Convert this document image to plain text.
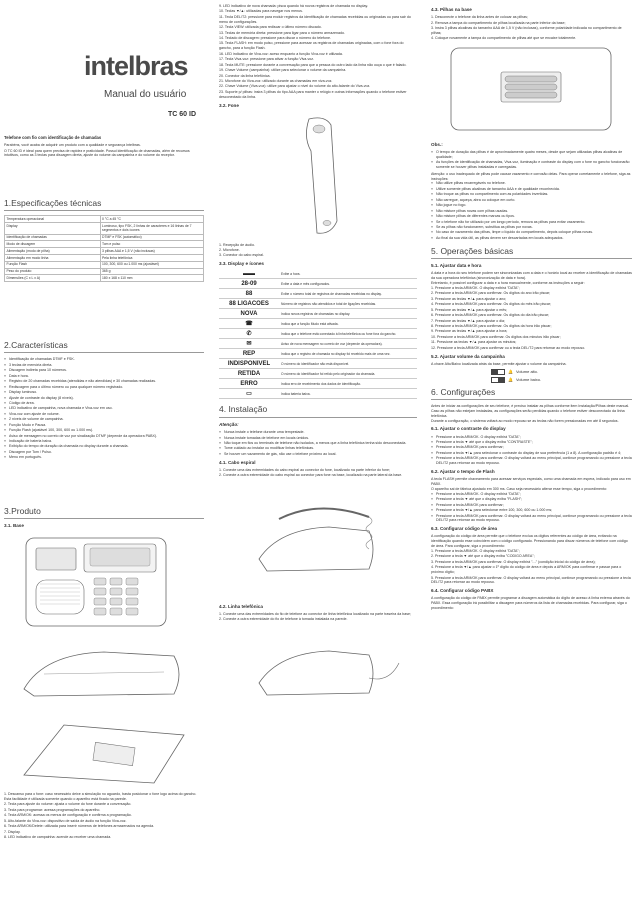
intelbras
Manual do usuário
TC 60 ID
Telefone com fio com identificação de chamadas

Parabéns, você acaba de adquirir um produto com a qualidade e segurança Intelbras.

O TC 60 ID é ideal para quem precisa de rapidez e praticidade. Possui identificação de chamadas, além de recursos intuitivos, como as 3 teclas para discagem direta, ajuste do volume da campainha e do volume do receptor.

1.Especificações técnicas
Temperatura operacional	0 °C a 45 °C
Display	Luminoso, tipo FSK, 2 linhas de caracteres e 16 linhas de 7 segmentos e dois ícones
Identificação de chamadas	DTMF e FSK (automático)
Modo de discagem	Tom e pulso
Alimentação (modo de pilha)	3 pilhas AAA e 1,5 V (não inclusas)
Alimentação em modo linha	Pela linha telefônica
Função Flash	100, 300, 600 ou 1.000 ms (ajustável)
Peso do produto	365 g
Dimensões (C x L x A)	180 x 168 x 110 mm
2.Características
» Identificação de chamadas DTMF e FSK.
» 3 teclas de memória direta.
» Discagem indireta para 10 números.
» Data e hora.
» Registro de 20 chamadas recebidas (atendidas e não atendidas) e 30 chamadas realizadas.
» Rediscagem para o último número ou para qualquer número registrado.
» Display luminoso.
» Ajuste de contraste do display (8 níveis).
» Código de área.
» LED indicativo de campainha, nova chamada e Viva-voz em uso.
» Viva-voz com ajuste de volume.
» 2 níveis de volume de campainha.
» Função Mudo e Pausa.
» Função Flash (ajustável 100, 300, 600 ou 1.000 ms).
» Aviso de mensagem no correio de voz por sinalização DTMF (depende da operadora PABX).
» Indicação de bateria baixa.
» Exibição do tempo de duração da chamada no display durante a chamada.
» Discagem por Tom / Pulso.
» Menu em português.
3.Produto
3.1. Base

1. Descanso para o fone: caso necessário deixe a simulação no aguardo, basta posicionar o fone logo acima do gancho. Esta facilidade é utilizada somente quando o aparelho está fixado na parede.
2. Tecla para ajuste do volume: ajusta o volume do fone durante a conversação.
3. Tecla para programar: acessa programações do aparelho.
4. Tecla ARM/OK: acessa os menus de configuração e confirma a programação.
5. Alto-falante do Viva-voz: dispositivo de saída de áudio na função Viva-voz.
6. Tecla ARM/OK/Delete: utilizada para inserir números de telefones armazenados na agenda.
7. Display.
8. LED indicativo de campainha: acende ao receber uma chamada.
9. LED indicativo de nova chamada: pisca quando há novos registros de chamada no display.
10. Teclas ▼/▲: utilizadas para navegar nos menus.
11. Tecla DEL/T2: pressione para excluir registros da identificação de chamadas recebidas ou originadas ou para sair do menu de configurações.
12. Tecla VIEW: utilizada para rediscar o último número discado.
13. Teclas de memória direta: pressione para ligar para o número armazenado.
14. Teclado de discagem: pressione para discar o número do telefone.
15. Tecla FLASH: em modo pulso, pressione para acessar os registros de chamadas originadas, com o fone fora do gancho, para a função Flash.
16. LED indicativo de Viva-voz: aceso enquanto a função Viva-voz é utilizada.
17. Tecla Viva-voz: pressione para ativar a função Viva-voz.
18. Tecla MUTE: pressione durante a conversação para que a pessoa do outro lado da linha não ouça o que é falado.
19. Chave Volume (campainha): utilize para selecionar o volume da campainha.
20. Conector da linha telefônica.
21. Microfone do Viva-voz: utilizado durante as chamadas em viva-voz.
22. Chave Volume (Viva-voz): utilize para ajustar o nível do volume do alto-falante do Viva-voz.
23. Suporte p/ pilhas: insira 3 pilhas do tipo AAA para manter o relógio e outras informações quando o telefone estiver desconectado da linha.
3.2. Fone
1. Recepção de áudio.
2. Microfone.
3. Conector do cabo espiral.
3.3. Display e ícones
▬▬	Exibe a hora.
28-09	Exibe a data e mês configurados.
88	Exibe o número total de registros de chamadas recebidas no display.
88 LIGACOES	Número de registros não atendidos e total de ligações recebidas.
NOVA	Indica novos registros de chamadas no display.
☎	Indica que a função Mudo está ativada.
✆	Indica que o telefone está conectado à linha telefônica ou fone fora do gancho.
✉	Aviso de nova mensagem no correio de voz (depende da operadora).
REP	Indica que o registro de chamada no display foi recebido mais de uma vez.
INDISPONIVEL	O número do identificador não está disponível.
RETIDA	O número do identificador foi retido pelo originador da chamada.
ERRO	Indica erro de recebimento dos dados de identificação.
▭	Indica bateria baixa.
4. Instalação
Atenção:
» Nunca instale o telefone durante uma tempestade.
» Nunca instale tomadas de telefone em locais úmidos.
» Não toque em fios ou terminais de telefone não isolados, a menos que a linha telefônica tenha sido desconectada.
» Tome cuidado ao instalar ou modificar linhas telefônicas.
» Se houver um vazamento de gás, não use o telefone próximo ao local.
4.1. Cabo espiral
1. Conecte uma das extremidades do cabo espiral ao conector do fone, localizado na parte inferior do fone;
2. Conecte a outra extremidade do cabo espiral ao conector para fone na base, localizado na parte lateral da base.
4.2. Linha telefônica
1. Conecte uma das extremidades do fio de telefone ao conector de linha telefônica localizado na parte traseira da base;
2. Conecte a outra extremidade do fio de telefone à tomada instalada na parede.
4.3. Pilhas na base
1. Desconecte o telefone da linha antes de colocar as pilhas;
2. Remova a tampa do compartimento de pilhas localizada na parte inferior da base;
3. Insira 3 pilhas alcalinas do tamanho AAA de 1,5 V (não inclusas), conforme polaridade indicada no compartimento de pilhas;
4. Coloque novamente a tampa do compartimento de pilhas até que se encaixe totalmente.
Obs.:
» O tempo de duração das pilhas é de aproximadamente quatro meses, desde que sejam utilizadas pilhas alcalinas de qualidade;
» As funções de identificação de chamadas, Viva-voz, iluminação e contraste do display com o fone no gancho funcionarão somente se houver pilhas instaladas e carregadas.

Atenção: o uso inadequado de pilhas pode causar vazamento e corrosão delas. Para operar corretamente o telefone, siga as instruções:

» Não utilize pilhas recarregáveis no telefone.
» Utilize somente pilhas alcalinas de tamanho AAA e de qualidade reconhecida.
» Não troque as pilhas no compartimento com as polaridades invertidas.
» Não carregue, aqueça, abra ou coloque em curto.
» Não jogue no fogo.
» Não misture pilhas novas com pilhas usadas.
» Não misture pilhas de diferentes marcas ou tipos.
» Se o telefone não for utilizado por um longo período, remova as pilhas para evitar vazamento.
» Se as pilhas não funcionarem, substitua as pilhas por novas.
» No caso de vazamento das pilhas, limpe o líquido do compartimento, depois coloque pilhas novas.
» Ao final da sua vida útil, as pilhas devem ser descartadas em locais adequados.
5. Operações básicas
5.1. Ajustar data e hora

A data e a hora do seu telefone podem ser sincronizadas com a data e o horário local ao receber a identificação de chamadas da sua operadora telefônica (sincronização de data e hora).

Entretanto, é possível configurar a data e a hora manualmente, conforme as instruções a seguir:

1. Pressione a tecla ARM/OK. O display exibirá "DATA";
2. Pressione a tecla ARM/OK para confirmar. Os dígitos do ano irão piscar;
3. Pressione as teclas ▼/▲ para ajustar o ano;
4. Pressione a tecla ARM/OK para confirmar. Os dígitos do mês irão piscar;
5. Pressione as teclas ▼/▲ para ajustar o mês;
6. Pressione a tecla ARM/OK para confirmar. Os dígitos do dia irão piscar;
7. Pressione as teclas ▼/▲ para ajustar o dia;
8. Pressione a tecla ARM/OK para confirmar. Os dígitos da hora irão piscar;
9. Pressione as teclas ▼/▲ para ajustar a hora;
10. Pressione a tecla ARM/OK para confirmar. Os dígitos dos minutos irão piscar;
11. Pressione as teclas ▼/▲ para ajustar os minutos;
12. Pressione a tecla ARM/OK para confirmar ou a tecla DEL/T2 para retornar ao modo repouso.
5.2. Ajustar volume da campainha

A chave Alto/Baixo localizada atrás da base, permite ajustar o volume da campainha.

🔔 Volume alto.
🔔 Volume baixo.
6. Configurações

Antes de iniciar as configurações de seu telefone, é preciso instalar as pilhas conforme item Instalação/Pilhas deste manual. Caso as pilhas não estejam instaladas, as configurações serão perdidas quando o telefone estiver desconectado da linha telefônica.

Durante a configuração, o sistema voltará ao modo repouso se as teclas não forem pressionadas em até 8 segundos.

6.1. Ajustar o contraste do display
» Pressione a tecla ARM/OK. O display exibirá "DATA";
» Pressione a tecla ▼ até que o display exiba "CONTRASTE";
» Pressione a tecla ARM/OK para confirmar;
» Pressione a tecla ▼/▲ para selecionar o contraste do display de sua preferência (1 a 8). A configuração padrão é 4;
» Pressione a tecla ARM/OK para confirmar. O display voltará ao menu principal, continue programando ou pressione a tecla DEL/T2 para retornar ao modo repouso.
6.2. Ajustar o tempo de Flash

A tecla FLASH permite chaveamento para acessar serviços especiais, como uma chamada em espera, indicado para uso em PABX.

O aparelho sai de fábrica ajustado em 300 ms. Caso seja necessário alterar esse tempo, siga o procedimento:

» Pressione a tecla ARM/OK. O display exibirá "DATA";
» Pressione a tecla ▼ até que o display exiba "FLASH";
» Pressione a tecla ARM/OK para confirmar;
» Pressione a tecla ▼/▲ para selecionar entre 100, 300, 600 ou 1.000 ms;
» Pressione a tecla ARM/OK para confirmar. O display voltará ao menu principal, continue programando ou pressione a tecla DEL/T2 para retornar ao modo repouso.
6.3. Configurar código de área

A configuração do código de área permite que o telefone exclua os dígitos referentes ao código de área, evitando na identificação quando esse coincidem com o código configurado. Pressionando para discar números de telefone com código de área. Para configurar, siga o procedimento:

1. Pressione a tecla ARM/OK. O display exibirá "DATA";
2. Pressione a tecla ▼ até que o display exiba "CODIGO AREA";
3. Pressione a tecla ARM/OK para confirmar. O display exibirá "- -" (condição inicial do código de área);
4. Pressione a tecla ▼/▲ para ajustar o 1º dígito do código de área e depois a ARM/OK para confirmar e passar para o próximo dígito;
5. Pressione a tecla ARM/OK para confirmar. O display voltará ao menu principal, continue programando ou pressione a tecla DEL/T2 para retornar ao modo repouso.
6.4. Configurar código PABX

A configuração do código de PABX permite programar a discagem automática do dígito de acesso à linha externa através do PABX. Essa configuração irá possibilitar a discagem para números da lista de chamadas recebidas. Para configurar, siga o procedimento:
